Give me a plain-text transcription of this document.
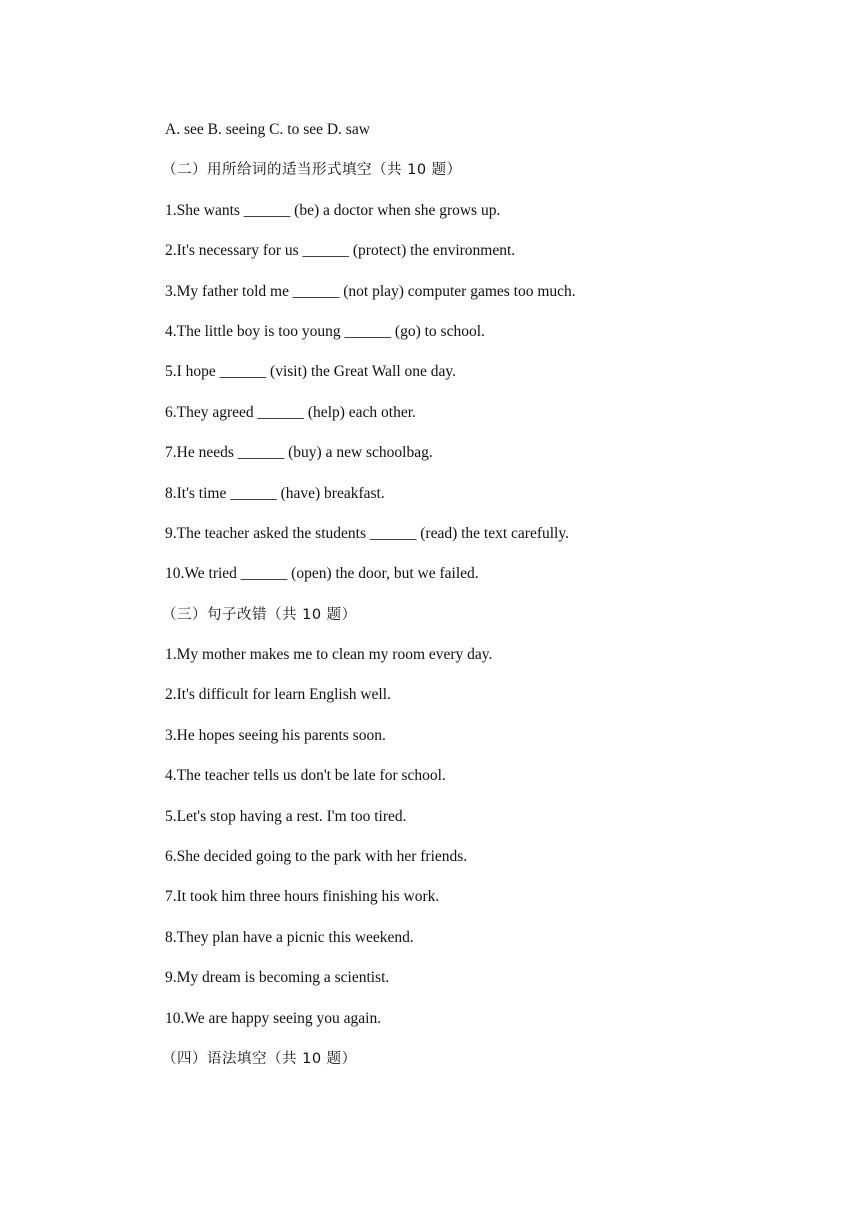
A. see B. seeing C. to see D. saw
（二）用所给词的适当形式填空（共 10 题）
1.She wants ______ (be) a doctor when she grows up.
2.It's necessary for us ______ (protect) the environment.
3.My father told me ______ (not play) computer games too much.
4.The little boy is too young ______ (go) to school.
5.I hope ______ (visit) the Great Wall one day.
6.They agreed ______ (help) each other.
7.He needs ______ (buy) a new schoolbag.
8.It's time ______ (have) breakfast.
9.The teacher asked the students ______ (read) the text carefully.
10.We tried ______ (open) the door, but we failed.
（三）句子改错（共 10 题）
1.My mother makes me to clean my room every day.
2.It's difficult for learn English well.
3.He hopes seeing his parents soon.
4.The teacher tells us don't be late for school.
5.Let's stop having a rest. I'm too tired.
6.She decided going to the park with her friends.
7.It took him three hours finishing his work.
8.They plan have a picnic this weekend.
9.My dream is becoming a scientist.
10.We are happy seeing you again.
（四）语法填空（共 10 题）
